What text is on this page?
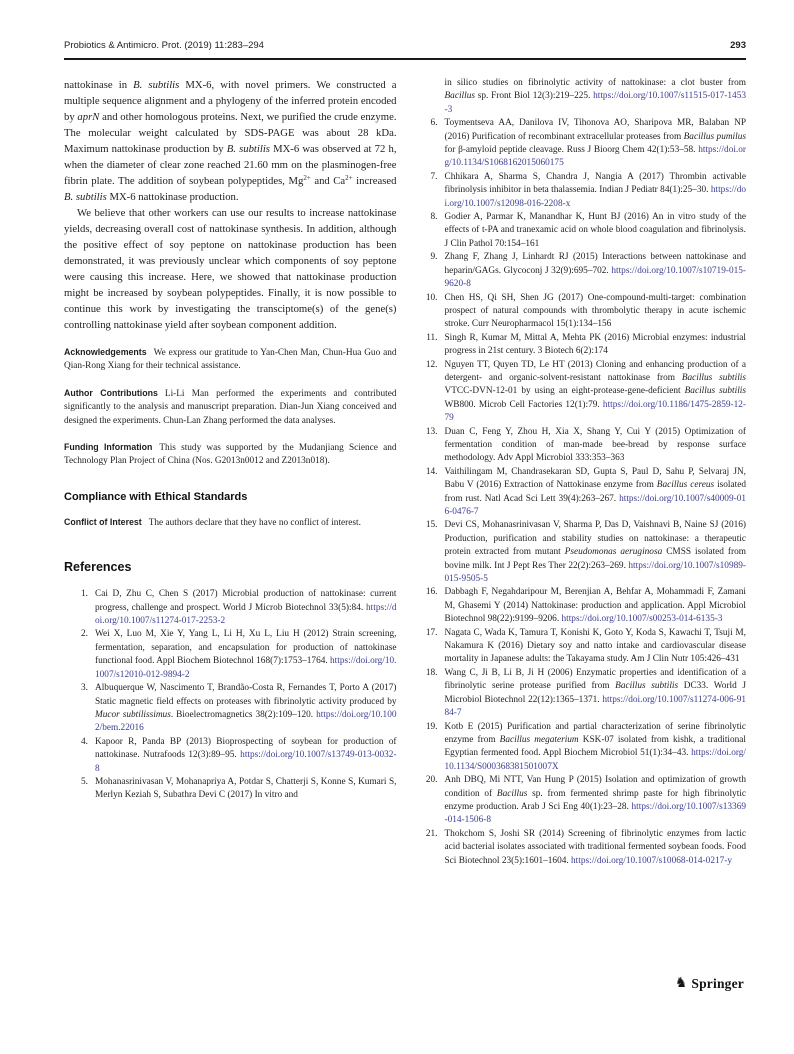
Probiotics & Antimicro. Prot. (2019) 11:283–294	293

nattokinase in B. subtilis MX-6, with novel primers. We constructed a multiple sequence alignment and a phylogeny of the inferred protein encoded by aprN and other homologous proteins. Next, we purified the crude enzyme. The molecular weight calculated by SDS-PAGE was about 28 kDa. Maximum nattokinase production by B. subtilis MX-6 was observed at 72 h, when the diameter of clear zone reached 21.60 mm on the plasminogen-free fibrin plate. The addition of soybean polypeptides, $Mg^{2+}$ and $Ca^{2+}$ increased B. subtilis MX-6 nattokinase production.

We believe that other workers can use our results to increase nattokinase yields, decreasing overall cost of nattokinase synthesis. In addition, although the positive effect of soy peptone on nattokinase production has been demonstrated, it was previously unclear which components of soy peptone were causing this increase. Here, we showed that nattokinase production might be increased by soybean polypeptides. Finally, it is now possible to continue this work by investigating the transciptome(s) of the gene(s) controlling nattokinase yield after soybean component addition.

Acknowledgements We express our gratitude to Yan-Chen Man, Chun-Hua Guo and Qian-Rong Xiang for their technical assistance.

Author Contributions Li-Li Man performed the experiments and contributed significantly to the analysis and manuscript preparation. Dian-Jun Xiang conceived and designed the experiments. Chun-Lan Zhang performed the data analyses.

Funding Information This study was supported by the Mudanjiang Science and Technology Plan Project of China (Nos. G2013n0012 and Z2013n018).

Compliance with Ethical Standards

Conflict of Interest The authors declare that they have no conflict of interest.

References
1. Cai D, Zhu C, Chen S (2017) Microbial production of nattokinase: current progress, challenge and prospect. World J Microb Biotechnol 33(5):84. https://doi.org/10.1007/s11274-017-2253-2
2. Wei X, Luo M, Xie Y, Yang L, Li H, Xu L, Liu H (2012) Strain screening, fermentation, separation, and encapsulation for production of nattokinase functional food. Appl Biochem Biotechnol 168(7):1753–1764. https://doi.org/10.1007/s12010-012-9894-2
3. Albuquerque W, Nascimento T, Brandão-Costa R, Fernandes T, Porto A (2017) Static magnetic field effects on proteases with fibrinolytic activity produced by Mucor subtilissimus. Bioelectromagnetics 38(2):109–120. https://doi.org/10.1002/bem.22016
4. Kapoor R, Panda BP (2013) Bioprospecting of soybean for production of nattokinase. Nutrafoods 12(3):89–95. https://doi.org/10.1007/s13749-013-0032-8
5. Mohanasrinivasan V, Mohanapriya A, Potdar S, Chatterji S, Konne S, Kumari S, Merlyn Keziah S, Subathra Devi C (2017) In vitro and

in silico studies on fibrinolytic activity of nattokinase: a clot buster from Bacillus sp. Front Biol 12(3):219–225. https://doi.org/10.1007/s11515-017-1453-3

6. Toymentseva AA, Danilova IV, Tihonova AO, Sharipova MR, Balaban NP (2016) Purification of recombinant extracellular proteases from Bacillus pumilus for β-amyloid peptide cleavage. Russ J Bioorg Chem 42(1):53–58. https://doi.org/10.1134/S1068162015060175
7. Chhikara A, Sharma S, Chandra J, Nangia A (2017) Thrombin activable fibrinolysis inhibitor in beta thalassemia. Indian J Pediatr 84(1):25–30. https://doi.org/10.1007/s12098-016-2208-x
8. Godier A, Parmar K, Manandhar K, Hunt BJ (2016) An in vitro study of the effects of t-PA and tranexamic acid on whole blood coagulation and fibrinolysis. J Clin Pathol 70:154–161
9. Zhang F, Zhang J, Linhardt RJ (2015) Interactions between nattokinase and heparin/GAGs. Glycoconj J 32(9):695–702. https://doi.org/10.1007/s10719-015-9620-8
10. Chen HS, Qi SH, Shen JG (2017) One-compound-multi-target: combination prospect of natural compounds with thrombolytic therapy in acute ischemic stroke. Curr Neuropharmacol 15(1):134–156
11. Singh R, Kumar M, Mittal A, Mehta PK (2016) Microbial enzymes: industrial progress in 21st century. 3 Biotech 6(2):174
12. Nguyen TT, Quyen TD, Le HT (2013) Cloning and enhancing production of a detergent- and organic-solvent-resistant nattokinase from Bacillus subtilis VTCC-DVN-12-01 by using an eight-protease-gene-deficient Bacillus subtilis WB800. Microb Cell Factories 12(1):79. https://doi.org/10.1186/1475-2859-12-79
13. Duan C, Feng Y, Zhou H, Xia X, Shang Y, Cui Y (2015) Optimization of fermentation condition of man-made bee-bread by response surface methodology. Adv Appl Microbiol 333:353–363
14. Vaithilingam M, Chandrasekaran SD, Gupta S, Paul D, Sahu P, Selvaraj JN, Babu V (2016) Extraction of Nattokinase enzyme from Bacillus cereus isolated from rust. Natl Acad Sci Lett 39(4):263–267. https://doi.org/10.1007/s40009-016-0476-7
15. Devi CS, Mohanasrinivasan V, Sharma P, Das D, Vaishnavi B, Naine SJ (2016) Production, purification and stability studies on nattokinase: a therapeutic protein extracted from mutant Pseudomonas aeruginosa CMSS isolated from bovine milk. Int J Pept Res Ther 22(2):263–269. https://doi.org/10.1007/s10989-015-9505-5
16. Dabbagh F, Negahdaripour M, Berenjian A, Behfar A, Mohammadi F, Zamani M, Ghasemi Y (2014) Nattokinase: production and application. Appl Microbiol Biotechnol 98(22):9199–9206. https://doi.org/10.1007/s00253-014-6135-3
17. Nagata C, Wada K, Tamura T, Konishi K, Goto Y, Koda S, Kawachi T, Tsuji M, Nakamura K (2016) Dietary soy and natto intake and cardiovascular disease mortality in Japanese adults: the Takayama study. Am J Clin Nutr 105:426–431
18. Wang C, Ji B, Li B, Ji H (2006) Enzymatic properties and identification of a fibrinolytic serine protease purified from Bacillus subtilis DC33. World J Microbiol Biotechnol 22(12):1365–1371. https://doi.org/10.1007/s11274-006-9184-7
19. Kotb E (2015) Purification and partial characterization of serine fibrinolytic enzyme from Bacillus megaterium KSK-07 isolated from kishk, a traditional Egyptian fermented food. Appl Biochem Microbiol 51(1):34–43. https://doi.org/10.1134/S000368381501007X
20. Anh DBQ, Mi NTT, Van Hung P (2015) Isolation and optimization of growth condition of Bacillus sp. from fermented shrimp paste for high fibrinolytic enzyme production. Arab J Sci Eng 40(1):23–28. https://doi.org/10.1007/s13369-014-1506-8
21. Thokchom S, Joshi SR (2014) Screening of fibrinolytic enzymes from lactic acid bacterial isolates associated with traditional fermented soybean foods. Food Sci Biotechnol 23(5):1601–1604. https://doi.org/10.1007/s10068-014-0217-y
♞ Springer
